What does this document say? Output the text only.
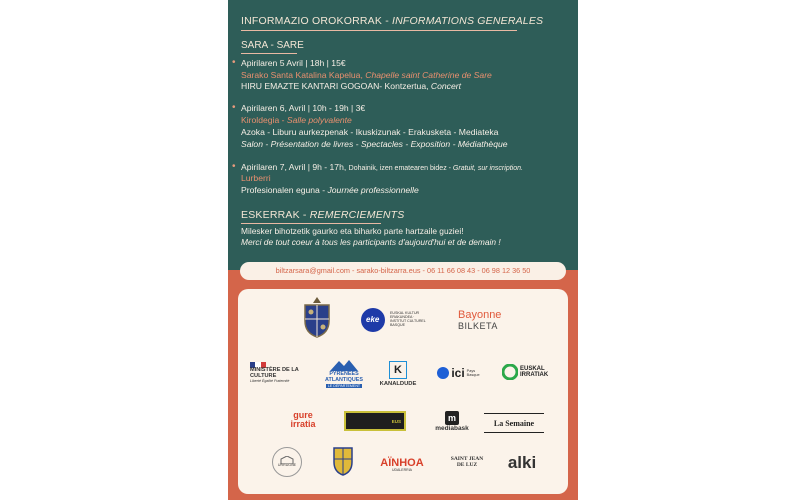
INFORMAZIO OROKORRAK - INFORMATIONS GENERALES
SARA - SARE
• Apirilaren 5 Avril | 18h | 15€
Sarako Santa Katalina Kapelua, Chapelle saint Catherine de Sare
HIRU EMAZTE KANTARI GOGOAN- Kontzertua, Concert
• Apirilaren 6, Avril | 10h - 19h | 3€
Kiroldegia - Salle polyvalente
Azoka - Liburu aurkezpenak - Ikuskizunak - Erakusketa - Mediateka
Salon - Présentation de livres - Spectacles - Exposition - Médiathèque
• Apirilaren 7, Avril | 9h - 17h, Dohainik, izen ematearen bidez - Gratuit, sur inscription.
Lurberri
Profesionalen eguna - Journée professionnelle
ESKERRAK - REMERCIEMENTS
Milesker bihotzetik gaurko eta biharko parte hartzaile guziei!
Merci de tout coeur à tous les participants d'aujourd'hui et de demain !
biltzarsara@gmail.com - sarako-biltzarra.eus - 06 11 66 08 43 - 06 98 12 36 50
eke
EUSKAL KULTUR ERAKUNDEA · INSTITUT CULTUREL BASQUE
Bayonne
BILKETA
MINISTÈRE DE LA CULTURE
Liberté Égalité Fraternité
PYRÉNÉES ATLANTIQUES
LE DÉPARTEMENT
K
KANALDUDE
ici Pays Basque
EUSKAL IRRATIAK
gure
irratia	EUS	m
mediabask
La Semaine
URRUGNE	AÏNHOA
UDALERRIA
SAINT JEAN DE LUZ	alki
